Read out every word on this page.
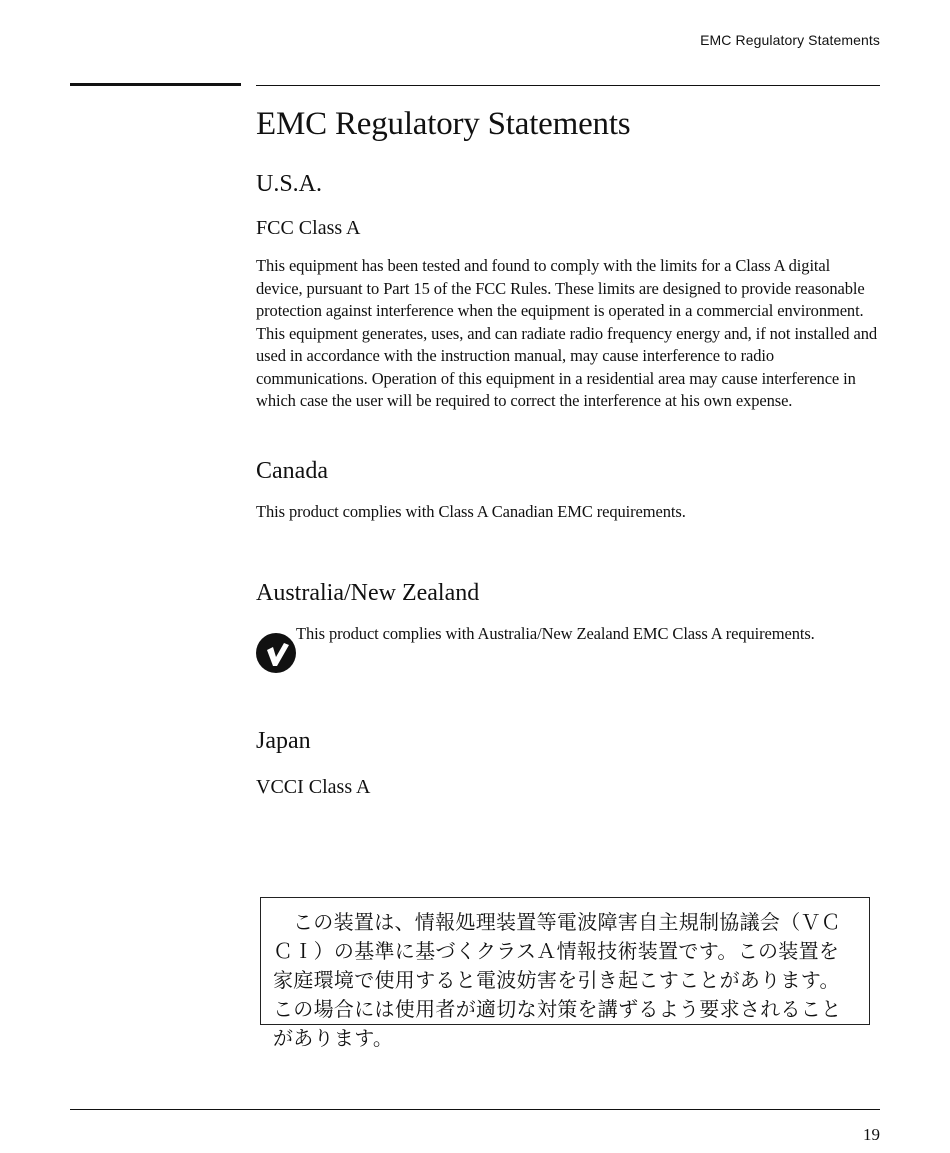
EMC Regulatory Statements
EMC Regulatory Statements
U.S.A.
FCC Class A

This equipment has been tested and found to comply with the limits for a Class A digital device, pursuant to Part 15 of the FCC Rules. These limits are designed to provide reasonable protection against interference when the equipment is operated in a commercial environment. This equipment generates, uses, and can radiate radio frequency energy and, if not installed and used in accordance with the instruction manual, may cause interference to radio communications. Operation of this equipment in a residential area may cause interference in which case the user will be required to correct the interference at his own expense.

Canada

This product complies with Class A Canadian EMC requirements.

Australia/New Zealand

This product complies with Australia/New Zealand EMC Class A requirements.

Japan
VCCI Class A

この装置は、情報処理装置等電波障害自主規制協議会（ＶＣＣＩ）の基準に基づくクラスＡ情報技術装置です。この装置を家庭環境で使用すると電波妨害を引き起こすことがあります。この場合には使用者が適切な対策を講ずるよう要求されることがあります。

19
